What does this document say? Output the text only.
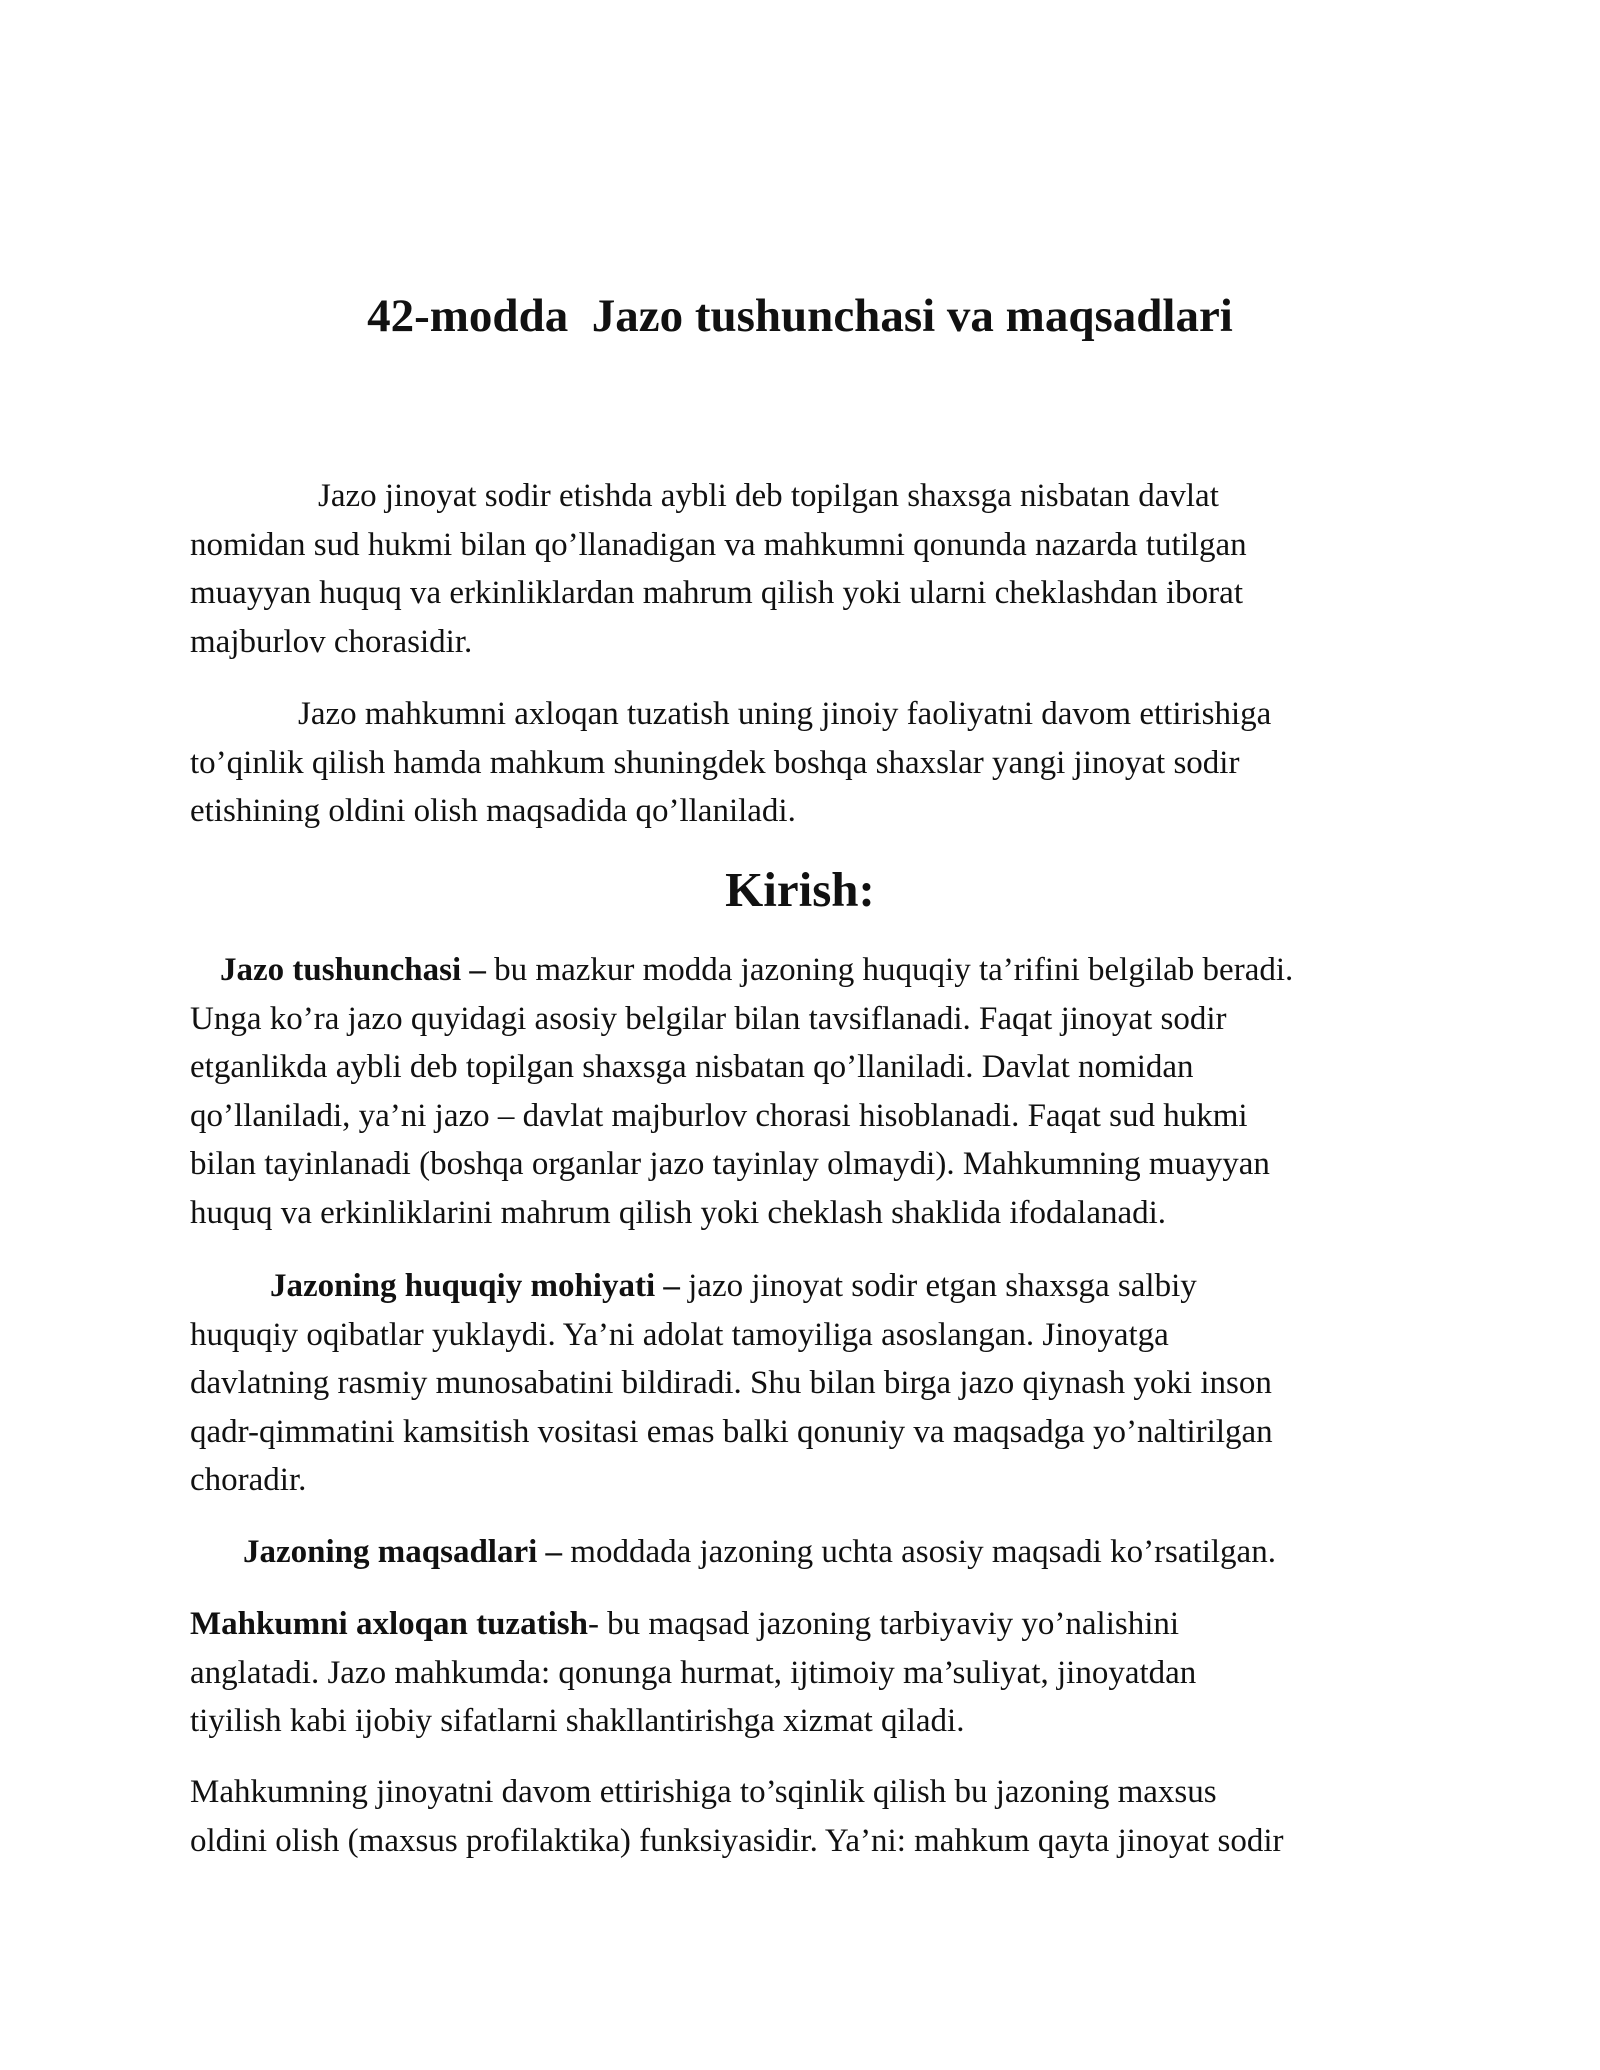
42-modda  Jazo tushunchasi va maqsadlari
Jazo jinoyat sodir etishda aybli deb topilgan shaxsga nisbatan davlat
nomidan sud hukmi bilan qo’llanadigan va mahkumni qonunda nazarda tutilgan
muayyan huquq va erkinliklardan mahrum qilish yoki ularni cheklashdan iborat
majburlov chorasidir.
Jazo mahkumni axloqan tuzatish uning jinoiy faoliyatni davom ettirishiga
to’qinlik qilish hamda mahkum shuningdek boshqa shaxslar yangi jinoyat sodir
etishining oldini olish maqsadida qo’llaniladi.
Kirish:
Jazo tushunchasi – bu mazkur modda jazoning huquqiy ta’rifini belgilab beradi.
Unga ko’ra jazo quyidagi asosiy belgilar bilan tavsiflanadi. Faqat jinoyat sodir
etganlikda aybli deb topilgan shaxsga nisbatan qo’llaniladi. Davlat nomidan
qo’llaniladi, ya’ni jazo – davlat majburlov chorasi hisoblanadi. Faqat sud hukmi
bilan tayinlanadi (boshqa organlar jazo tayinlay olmaydi). Mahkumning muayyan
huquq va erkinliklarini mahrum qilish yoki cheklash shaklida ifodalanadi.
Jazoning huquqiy mohiyati – jazo jinoyat sodir etgan shaxsga salbiy
huquqiy oqibatlar yuklaydi. Ya’ni adolat tamoyiliga asoslangan. Jinoyatga
davlatning rasmiy munosabatini bildiradi. Shu bilan birga jazo qiynash yoki inson
qadr-qimmatini kamsitish vositasi emas balki qonuniy va maqsadga yo’naltirilgan
choradir.
Jazoning maqsadlari – moddada jazoning uchta asosiy maqsadi ko’rsatilgan.
Mahkumni axloqan tuzatish- bu maqsad jazoning tarbiyaviy yo’nalishini
anglatadi. Jazo mahkumda: qonunga hurmat, ijtimoiy ma’suliyat, jinoyatdan
tiyilish kabi ijobiy sifatlarni shakllantirishga xizmat qiladi.
Mahkumning jinoyatni davom ettirishiga to’sqinlik qilish bu jazoning maxsus
oldini olish (maxsus profilaktika) funksiyasidir. Ya’ni: mahkum qayta jinoyat sodir
